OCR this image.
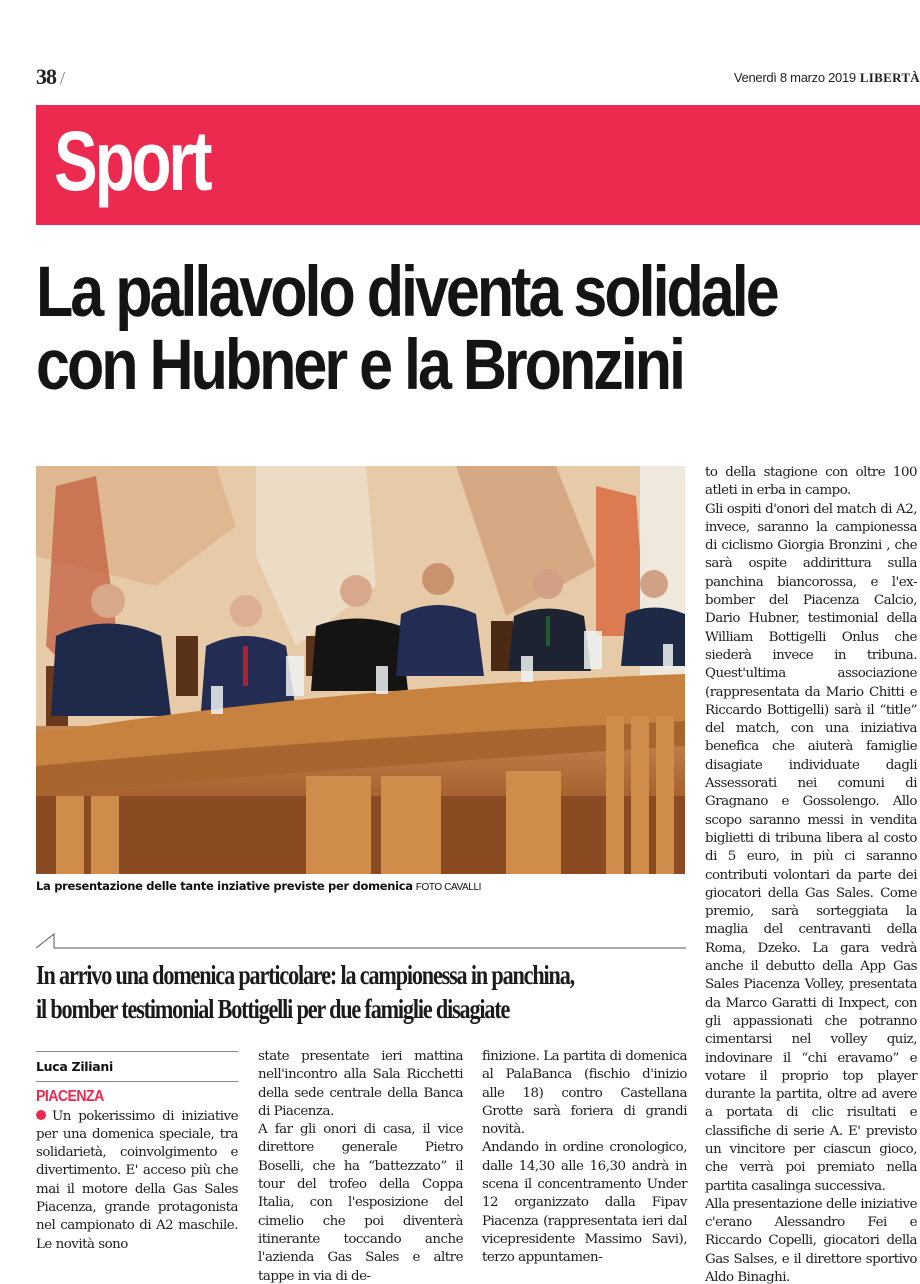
38 /	Venerdì 8 marzo 2019 LIBERTÀ
Sport
La pallavolo diventa solidale
con Hubner e la Bronzini
La presentazione delle tante inziative previste per domenica FOTO CAVALLI
In arrivo una domenica particolare: la campionessa in panchina,
il bomber testimonial Bottigelli per due famiglie disagiate
Luca Ziliani
PIACENZA

Un pokerissimo di iniziative per una domenica speciale, tra solidarietà, coinvolgimento e divertimento. E' acceso più che mai il motore della Gas Sales Piacenza, grande protagonista nel campionato di A2 maschile. Le novità sono

state presentate ieri mattina nell'incontro alla Sala Ricchetti della sede centrale della Banca di Piacenza.

A far gli onori di casa, il vice direttore generale Pietro Boselli, che ha “battezzato” il tour del trofeo della Coppa Italia, con l'esposizione del cimelio che poi diventerà itinerante toccando anche l'azienda Gas Sales e altre tappe in via di de-

finizione. La partita di domenica al PalaBanca (fischio d'inizio alle 18) contro Castellana Grotte sarà foriera di grandi novità.

Andando in ordine cronologico, dalle 14,30 alle 16,30 andrà in scena il concentramento Under 12 organizzato dalla Fipav Piacenza (rappresentata ieri dal vicepresidente Massimo Savi), terzo appuntamen-

to della stagione con oltre 100 atleti in erba in campo.

Gli ospiti d'onori del match di A2, invece, saranno la campionessa di ciclismo Giorgia Bronzini , che sarà ospite addirittura sulla panchina biancorossa, e l'ex-bomber del Piacenza Calcio, Dario Hubner, testimonial della William Bottigelli Onlus che siederà invece in tribuna. Quest'ultima associazione (rappresentata da Mario Chitti e Riccardo Bottigelli) sarà il “title” del match, con una iniziativa benefica che aiuterà famiglie disagiate individuate dagli Assessorati nei comuni di Gragnano e Gossolengo. Allo scopo saranno messi in vendita biglietti di tribuna libera al costo di 5 euro, in più ci saranno contributi volontari da parte dei giocatori della Gas Sales. Come premio, sarà sorteggiata la maglia del centravanti della Roma, Dzeko. La gara vedrà anche il debutto della App Gas Sales Piacenza Volley, presentata da Marco Garatti di Inxpect, con gli appassionati che potranno cimentarsi nel volley quiz, indovinare il “chi eravamo” e votare il proprio top player durante la partita, oltre ad avere a portata di clic risultati e classifiche di serie A. E' previsto un vincitore per ciascun gioco, che verrà poi premiato nella partita casalinga successiva.

Alla presentazione delle iniziative c'erano Alessandro Fei e Riccardo Copelli, giocatori della Gas Salses, e il direttore sportivo Aldo Binaghi.
